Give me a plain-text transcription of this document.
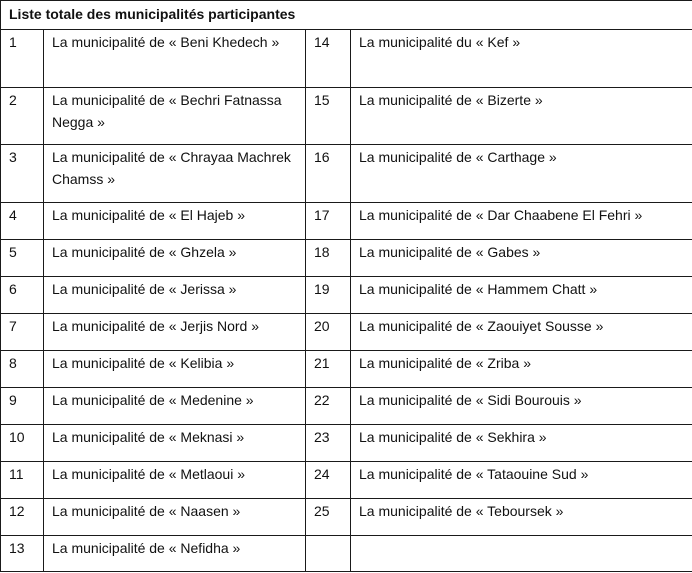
Liste totale des municipalités participantes			
1	La municipalité de « Beni Khedech »	14	La municipalité du « Kef »
2	La municipalité de « Bechri Fatnassa Negga »	15	La municipalité de « Bizerte »
3	La municipalité de « Chrayaa Machrek Chamss »	16	La municipalité de « Carthage »
4	La municipalité de « El Hajeb »	17	La municipalité de « Dar Chaabene El Fehri »
5	La municipalité de « Ghzela »	18	La municipalité de « Gabes »
6	La municipalité de « Jerissa »	19	La municipalité de « Hammem Chatt »
7	La municipalité de « Jerjis Nord »	20	La municipalité de « Zaouiyet Sousse »
8	La municipalité de « Kelibia »	21	La municipalité de « Zriba »
9	La municipalité de « Medenine »	22	La municipalité de « Sidi Bourouis »
10	La municipalité de « Meknasi »	23	La municipalité de « Sekhira »
11	La municipalité de « Metlaoui »	24	La municipalité de « Tataouine Sud »
12	La municipalité de « Naasen »	25	La municipalité de « Teboursek »
13	La municipalité de « Nefidha »		
